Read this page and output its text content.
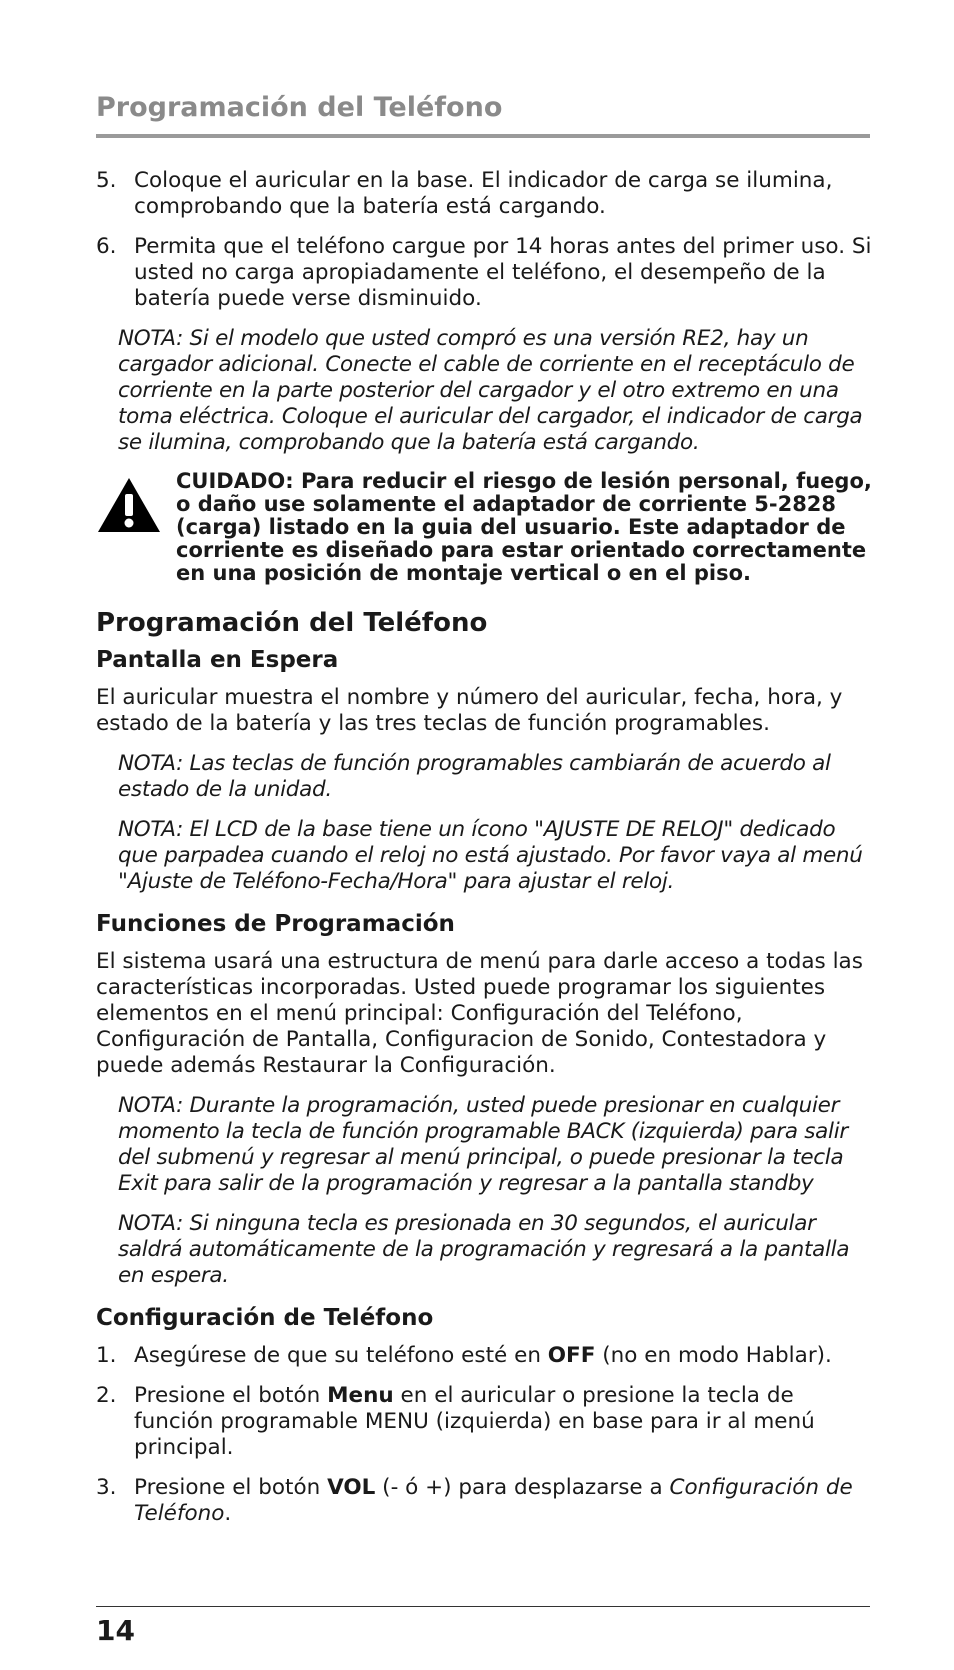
Programación del Teléfono
5. Coloque el auricular en la base. El indicador de carga se ilumina, comprobando que la batería está cargando.
6. Permita que el teléfono cargue por 14 horas antes del primer uso. Si usted no carga apropiadamente el teléfono, el desempeño de la batería puede verse disminuido.

NOTA: Si el modelo que usted compró es una versión RE2, hay un cargador adicional. Conecte el cable de corriente en el receptáculo de corriente en la parte posterior del cargador y el otro extremo en una toma eléctrica. Coloque el auricular del cargador, el indicador de carga se ilumina, comprobando que la batería está cargando.

CUIDADO: Para reducir el riesgo de lesión personal, fuego, o daño use solamente el adaptador de corriente 5-2828 (carga) listado en la guia del usuario. Este adaptador de corriente es diseñado para estar orientado correctamente en una posición de montaje vertical o en el piso.
Programación del Teléfono
Pantalla en Espera

El auricular muestra el nombre y número del auricular, fecha, hora, y estado de la batería y las tres teclas de función programables.

NOTA: Las teclas de función programables cambiarán de acuerdo al estado de la unidad.

NOTA: El LCD de la base tiene un ícono "AJUSTE DE RELOJ" dedicado que parpadea cuando el reloj no está ajustado. Por favor vaya al menú "Ajuste de Teléfono-Fecha/Hora" para ajustar el reloj.

Funciones de Programación

El sistema usará una estructura de menú para darle acceso a todas las características incorporadas. Usted puede programar los siguientes elementos en el menú principal: Configuración del Teléfono, Configuración de Pantalla, Configuracion de Sonido, Contestadora y puede además Restaurar la Configuración.

NOTA: Durante la programación, usted puede presionar en cualquier momento la tecla de función programable BACK (izquierda) para salir del submenú y regresar al menú principal, o puede presionar la tecla Exit para salir de la programación y regresar a la pantalla standby

NOTA: Si ninguna tecla es presionada en 30 segundos, el auricular saldrá automáticamente de la programación y regresará a la pantalla en espera.

Configuración de Teléfono
1. Asegúrese de que su teléfono esté en OFF (no en modo Hablar).
2. Presione el botón Menu en el auricular o presione la tecla de función programable MENU (izquierda) en base para ir al menú principal.
3. Presione el botón VOL (- ó +) para desplazarse a Configuración de Teléfono.
14
